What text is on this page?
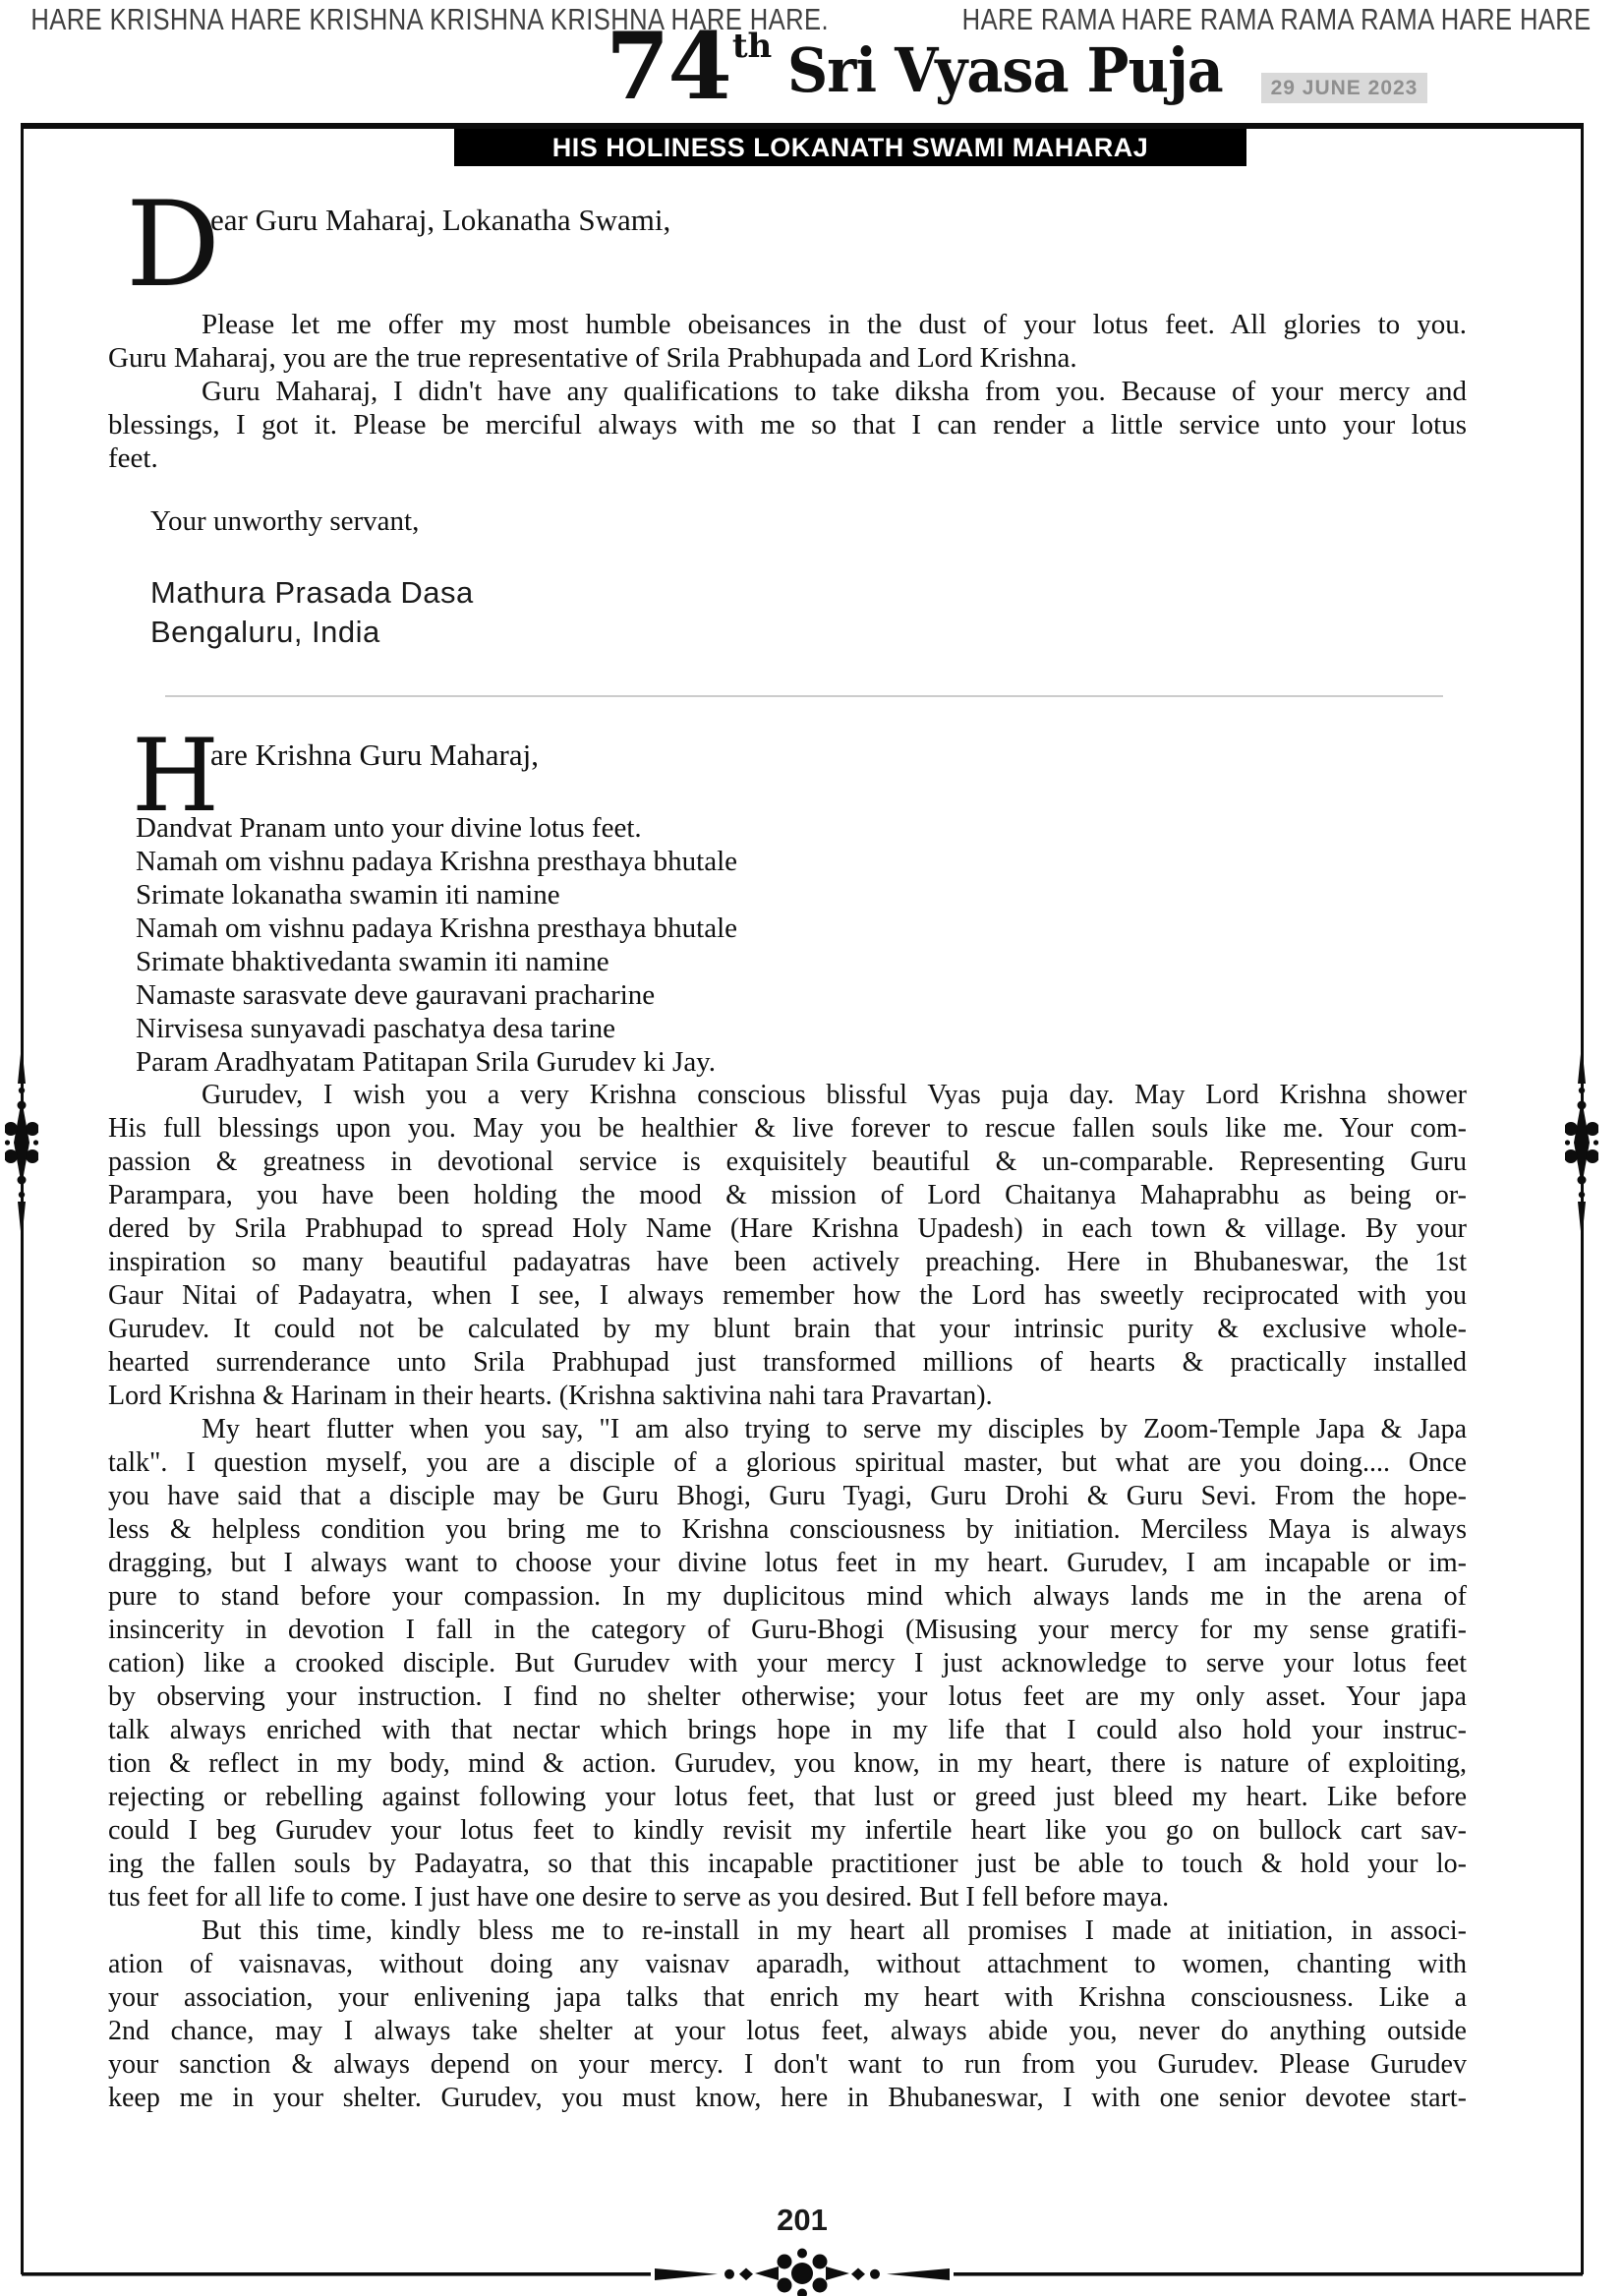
HARE KRISHNA HARE KRISHNA KRISHNA KRISHNA HARE HARE.	HARE RAMA HARE RAMA RAMA RAMA HARE HARE
74 th Sri Vyasa Puja	29 JUNE 2023
HIS HOLINESS LOKANATH SWAMI MAHARAJ
D
ear Guru Maharaj, Lokanatha Swami,
Please let me offer my most humble obeisances in the dust of your lotus feet. All glories to you.
Guru Maharaj, you are the true representative of Srila Prabhupada and Lord Krishna.
Guru Maharaj, I didn't have any qualifications to take diksha from you. Because of your mercy and
blessings, I got it. Please be merciful always with me so that I can render a little service unto your lotus
feet.
Your unworthy servant,
Mathura Prasada Dasa
Bengaluru, India
H
are Krishna Guru Maharaj,
Dandvat Pranam unto your divine lotus feet.
Namah om vishnu padaya Krishna presthaya bhutale
Srimate lokanatha swamin iti namine
Namah om vishnu padaya Krishna presthaya bhutale
Srimate bhaktivedanta swamin iti namine
Namaste sarasvate deve gauravani pracharine
Nirvisesa sunyavadi paschatya desa tarine
Param Aradhyatam Patitapan Srila Gurudev ki Jay.
Gurudev, I wish you a very Krishna conscious blissful Vyas puja day. May Lord Krishna shower
His full blessings upon you. May you be healthier & live forever to rescue fallen souls like me. Your com-
passion & greatness in devotional service is exquisitely beautiful & un-comparable. Representing Guru
Parampara, you have been holding the mood & mission of Lord Chaitanya Mahaprabhu as being or-
dered by Srila Prabhupad to spread Holy Name (Hare Krishna Upadesh) in each town & village. By your
inspiration so many beautiful padayatras have been actively preaching. Here in Bhubaneswar, the 1st
Gaur Nitai of Padayatra, when I see, I always remember how the Lord has sweetly reciprocated with you
Gurudev. It could not be calculated by my blunt brain that your intrinsic purity & exclusive whole-
hearted surrenderance unto Srila Prabhupad just transformed millions of hearts & practically installed
Lord Krishna & Harinam in their hearts. (Krishna saktivina nahi tara Pravartan).
My heart flutter when you say, "I am also trying to serve my disciples by Zoom-Temple Japa & Japa
talk". I question myself, you are a disciple of a glorious spiritual master, but what are you doing.... Once
you have said that a disciple may be Guru Bhogi, Guru Tyagi, Guru Drohi & Guru Sevi. From the hope-
less & helpless condition you bring me to Krishna consciousness by initiation. Merciless Maya is always
dragging, but I always want to choose your divine lotus feet in my heart. Gurudev, I am incapable or im-
pure to stand before your compassion. In my duplicitous mind which always lands me in the arena of
insincerity in devotion I fall in the category of Guru-Bhogi (Misusing your mercy for my sense gratifi-
cation) like a crooked disciple. But Gurudev with your mercy I just acknowledge to serve your lotus feet
by observing your instruction. I find no shelter otherwise; your lotus feet are my only asset. Your japa
talk always enriched with that nectar which brings hope in my life that I could also hold your instruc-
tion & reflect in my body, mind & action. Gurudev, you know, in my heart, there is nature of exploiting,
rejecting or rebelling against following your lotus feet, that lust or greed just bleed my heart. Like before
could I beg Gurudev your lotus feet to kindly revisit my infertile heart like you go on bullock cart sav-
ing the fallen souls by Padayatra, so that this incapable practitioner just be able to touch & hold your lo-
tus feet for all life to come. I just have one desire to serve as you desired. But I fell before maya.
But this time, kindly bless me to re-install in my heart all promises I made at initiation, in associ-
ation of vaisnavas, without doing any vaisnav aparadh, without attachment to women, chanting with
your association, your enlivening japa talks that enrich my heart with Krishna consciousness. Like a
2nd chance, may I always take shelter at your lotus feet, always abide you, never do anything outside
your sanction & always depend on your mercy. I don't want to run from you Gurudev. Please Gurudev
keep me in your shelter. Gurudev, you must know, here in Bhubaneswar, I with one senior devotee start-
201
